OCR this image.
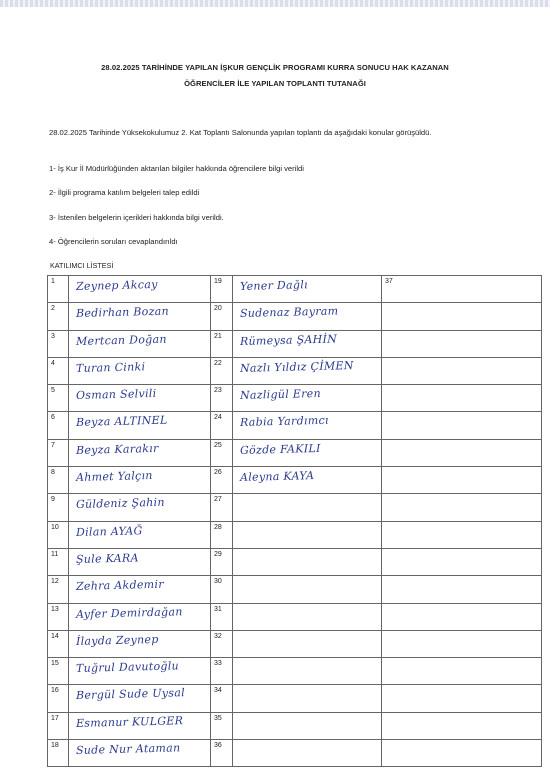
28.02.2025 TARİHİNDE YAPILAN İŞKUR GENÇLİK PROGRAMI KURRA SONUCU HAK KAZANAN
ÖĞRENCİLER İLE YAPILAN TOPLANTI TUTANAĞI
28.02.2025 Tarihinde Yüksekokulumuz 2. Kat Toplantı Salonunda yapılan toplantı da aşağıdaki konular görüşüldü.
1- İş Kur İl Müdürlüğünden aktarılan bilgiler hakkında öğrencilere bilgi verildi
2- İlgili programa katılım belgeleri talep edildi
3- İstenilen belgelerin içerikleri hakkında bilgi verildi.
4- Öğrencilerin soruları cevaplandırıldı
KATILIMCI LİSTESİ
1	Zeynep Akcay	19	Yener Dağlı	37
2	Bedirhan Bozan	20	Sudenaz Bayram	
3	Mertcan Doğan	21	Rümeysa ŞAHİN	
4	Turan Cinki	22	Nazlı Yıldız ÇİMEN	
5	Osman Selvili	23	Nazligül Eren	
6	Beyza ALTINEL	24	Rabia Yardımcı	
7	Beyza Karakır	25	Gözde FAKILI	
8	Ahmet Yalçın	26	Aleyna KAYA	
9	Güldeniz Şahin	27		
10	Dilan AYAĞ	28		
11	Şule KARA	29		
12	Zehra Akdemir	30		
13	Ayfer Demirdağan	31		
14	İlayda Zeynep	32		
15	Tuğrul Davutoğlu	33		
16	Bergül Sude Uysal	34		
17	Esmanur KULGER	35		
18	Sude Nur Ataman	36		
